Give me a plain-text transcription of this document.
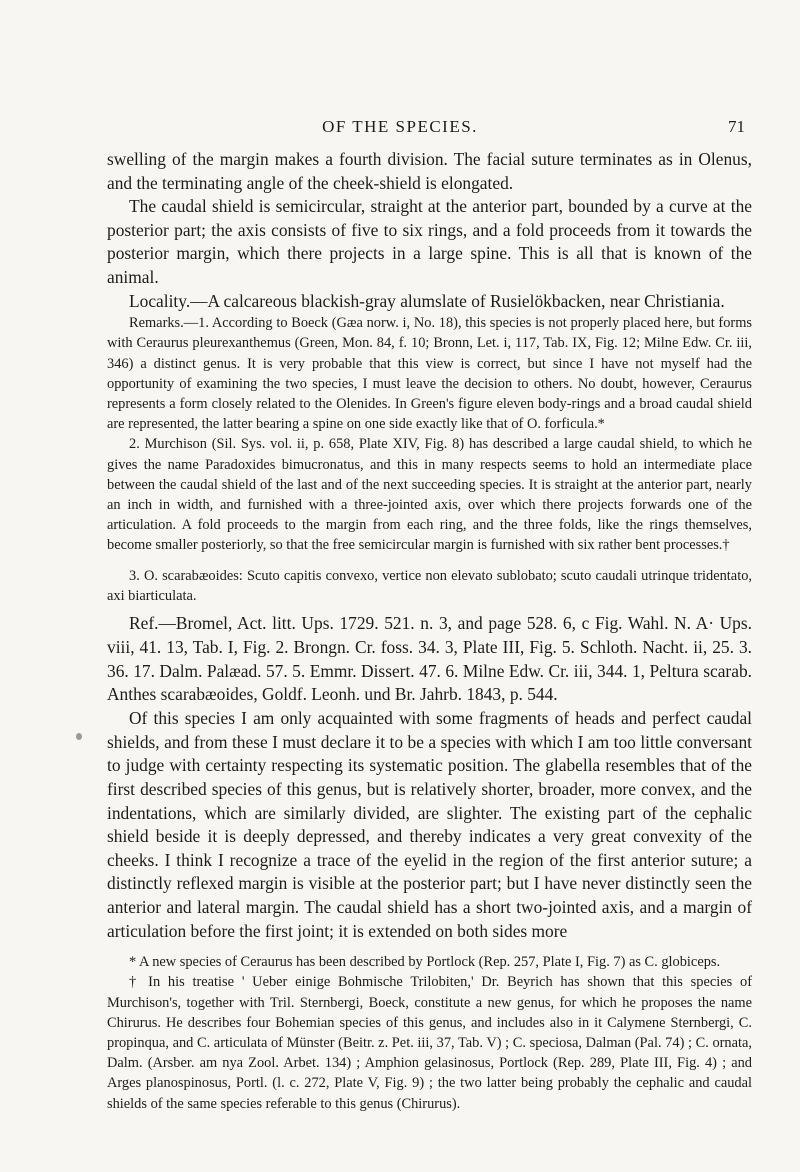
OF THE SPECIES.	71

swelling of the margin makes a fourth division. The facial suture terminates as in Olenus, and the terminating angle of the cheek-shield is elongated.

The caudal shield is semicircular, straight at the anterior part, bounded by a curve at the posterior part; the axis consists of five to six rings, and a fold proceeds from it towards the posterior margin, which there projects in a large spine. This is all that is known of the animal.

Locality.—A calcareous blackish-gray alumslate of Rusielökbacken, near Christiania.

Remarks.—1. According to Boeck (Gæa norw. i, No. 18), this species is not properly placed here, but forms with Ceraurus pleurexanthemus (Green, Mon. 84, f. 10; Bronn, Let. i, 117, Tab. IX, Fig. 12; Milne Edw. Cr. iii, 346) a distinct genus. It is very probable that this view is correct, but since I have not myself had the opportunity of examining the two species, I must leave the decision to others. No doubt, however, Ceraurus represents a form closely related to the Olenides. In Green's figure eleven body-rings and a broad caudal shield are represented, the latter bearing a spine on one side exactly like that of O. forficula.*

2. Murchison (Sil. Sys. vol. ii, p. 658, Plate XIV, Fig. 8) has described a large caudal shield, to which he gives the name Paradoxides bimucronatus, and this in many respects seems to hold an intermediate place between the caudal shield of the last and of the next succeeding species. It is straight at the anterior part, nearly an inch in width, and furnished with a three-jointed axis, over which there projects forwards one of the articulation. A fold proceeds to the margin from each ring, and the three folds, like the rings themselves, become smaller posteriorly, so that the free semicircular margin is furnished with six rather bent processes.†

3. O. scarabæoides: Scuto capitis convexo, vertice non elevato sublobato; scuto caudali utrinque tridentato, axi biarticulata.

Ref.—Bromel, Act. litt. Ups. 1729. 521. n. 3, and page 528. 6, c Fig. Wahl. N. A· Ups. viii, 41. 13, Tab. I, Fig. 2. Brongn. Cr. foss. 34. 3, Plate III, Fig. 5. Schloth. Nacht. ii, 25. 3. 36. 17. Dalm. Palæad. 57. 5. Emmr. Dissert. 47. 6. Milne Edw. Cr. iii, 344. 1, Peltura scarab. Anthes scarabæoides, Goldf. Leonh. und Br. Jahrb. 1843, p. 544.

Of this species I am only acquainted with some fragments of heads and perfect caudal shields, and from these I must declare it to be a species with which I am too little conversant to judge with certainty respecting its systematic position. The glabella resembles that of the first described species of this genus, but is relatively shorter, broader, more convex, and the indentations, which are similarly divided, are slighter. The existing part of the cephalic shield beside it is deeply depressed, and thereby indicates a very great convexity of the cheeks. I think I recognize a trace of the eyelid in the region of the first anterior suture; a distinctly reflexed margin is visible at the posterior part; but I have never distinctly seen the anterior and lateral margin. The caudal shield has a short two-jointed axis, and a margin of articulation before the first joint; it is extended on both sides more

* A new species of Ceraurus has been described by Portlock (Rep. 257, Plate I, Fig. 7) as C. globiceps.

† In his treatise ' Ueber einige Bohmische Trilobiten,' Dr. Beyrich has shown that this species of Murchison's, together with Tril. Sternbergi, Boeck, constitute a new genus, for which he proposes the name Chirurus. He describes four Bohemian species of this genus, and includes also in it Calymene Sternbergi, C. propinqua, and C. articulata of Münster (Beitr. z. Pet. iii, 37, Tab. V) ; C. speciosa, Dalman (Pal. 74) ; C. ornata, Dalm. (Arsber. am nya Zool. Arbet. 134) ; Amphion gelasinosus, Portlock (Rep. 289, Plate III, Fig. 4) ; and Arges planospinosus, Portl. (l. c. 272, Plate V, Fig. 9) ; the two latter being probably the cephalic and caudal shields of the same species referable to this genus (Chirurus).
